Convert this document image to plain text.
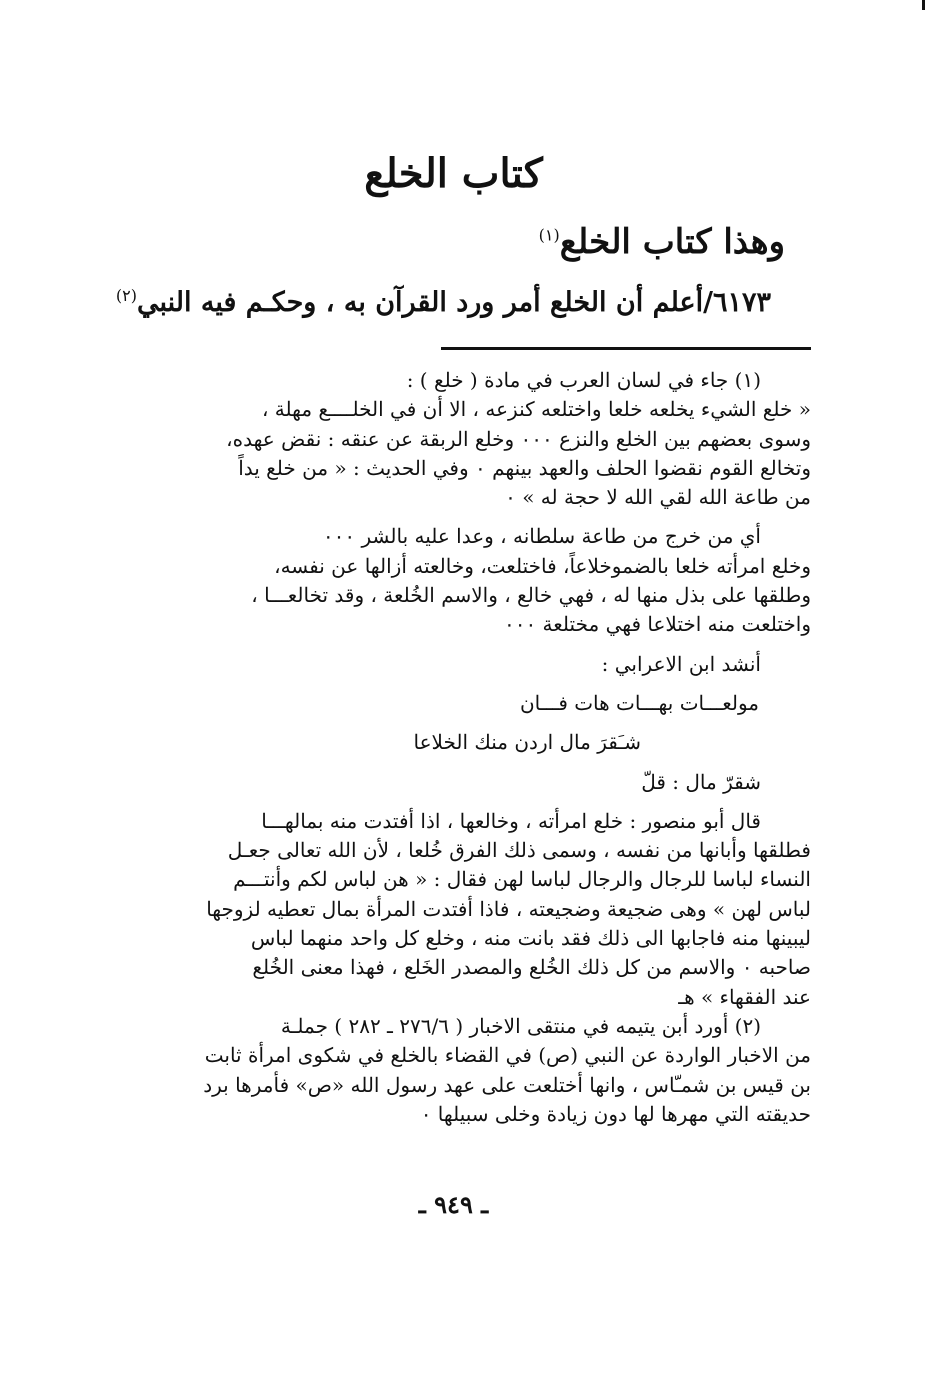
كتاب الخلع
وهذا كتاب الخلع$^{(١)}$
٦١٧٣/أعلم أن الخلع أمر ورد القرآن به ، وحكـم فيه النبي$^{(٢)}$
(١) جاء في لسان العرب في مادة ( خلع ) :
« خلع الشيء يخلعه خلعا واختلعه كنزعه ، الا أن في الخلــــع مهلة ،
وسوى بعضهم بين الخلع والنزع ٠٠٠ وخلع الربقة عن عنقه : نقض عهده،
وتخالع القوم نقضوا الحلف والعهد بينهم ٠ وفي الحديث : « من خلع يداً
من طاعة الله لقي الله لا حجة له » ٠
أي من خرج من طاعة سلطانه ، وعدا عليه بالشر ٠٠٠
وخلع امرأته خلعا بالضموخلاعاً، فاختلعت، وخالعته أزالها عن نفسه،
وطلقها على بذل منها له ، فهي خالع ، والاسم الخُلعة ، وقد تخالعـــا ،
واختلعت منه اختلاعا فهي مختلعة ٠٠٠
أنشد ابن الاعرابي :
مولعـــات بهـــات هات فـــان
شـَقرَ مال اردن منك الخلاعا
شقرّ مال : قلّ
قال أبو منصور : خلع امرأته ، وخالعها ، اذا أفتدت منه بمالهـــا
فطلقها وأبانها من نفسه ، وسمى ذلك الفرق خُلعا ، لأن الله تعالى جعـل
النساء لباسا للرجال والرجال لباسا لهن فقال : « هن لباس لكم وأنتـــم
لباس لهن » وهى ضجيعة وضجيعته ، فاذا أفتدت المرأة بمال تعطيه لزوجها
ليبينها منه فاجابها الى ذلك فقد بانت منه ، وخلع كل واحد منهما لباس
صاحبه ٠ والاسم من كل ذلك الخُلع والمصدر الخَلع ، فهذا معنى الخُلع
عند الفقهاء » هـ
(٢) أورد أبن يتيمه في منتقى الاخبار ( ٢٧٦/٦ ـ ٢٨٢ ) جملـة
من الاخبار الواردة عن النبي (ص) في القضاء بالخلع في شكوى امرأة ثابت
بن قيس بن شمـّاس ، وانها أختلعت على عهد رسول الله «ص» فأمرها برد
حديقته التي مهرها لها دون زيادة وخلى سبيلها ٠
ـ ٩٤٩ ـ
